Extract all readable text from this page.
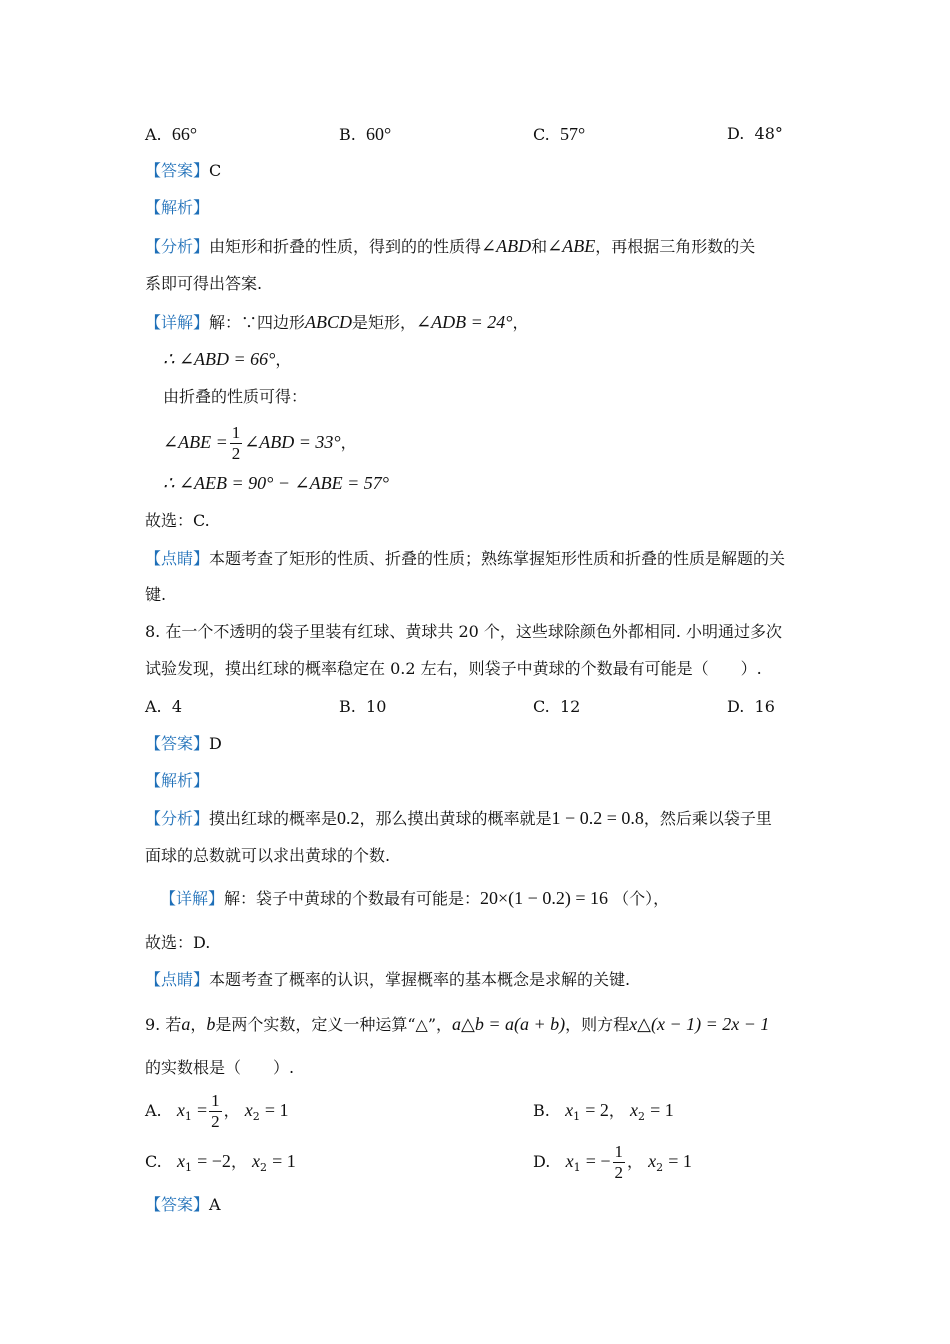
A. 66°	B. 60°	C. 57°	D. 48°
【答案】C
【解析】
【分析】由矩形和折叠的性质，得到的的性质得∠ABD和∠ABE，再根据三角形数的关
系即可得出答案.
【详解】解：∵四边形ABCD是矩形，∠ADB = 24°，
∴ ∠ABD = 66°，
由折叠的性质可得：
∠ABE = $\frac{1}{2}$ ∠ABD = 33°，
∴ ∠AEB = 90° − ∠ABE = 57°
故选：C.
【点睛】本题考查了矩形的性质、折叠的性质；熟练掌握矩形性质和折叠的性质是解题的关
键.
8. 在一个不透明的袋子里装有红球、黄球共 20 个，这些球除颜色外都相同. 小明通过多次
试验发现，摸出红球的概率稳定在 0.2 左右，则袋子中黄球的个数最有可能是（　　）.
A. 4	B. 10	C. 12	D. 16
【答案】D
【解析】
【分析】摸出红球的概率是0.2，那么摸出黄球的概率就是1 − 0.2 = 0.8，然后乘以袋子里
面球的总数就可以求出黄球的个数.
【详解】解：袋子中黄球的个数最有可能是：20×(1 − 0.2) = 16 （个），
故选：D.
【点睛】本题考查了概率的认识，掌握概率的基本概念是求解的关键.
9. 若a，b是两个实数，定义一种运算“△”，a△b = a(a + b)，则方程x△(x − 1) = 2x − 1
的实数根是（　　）.
A. $x_1 = \frac{1}{2}$ ， $x_2 = 1$	B. $x_1 = 2$， $x_2 = 1$
C. $x_1 = -2$， $x_2 = 1$	D. $x_1$ = − $\frac{1}{2}$ ， $x_2 = 1$
【答案】A
